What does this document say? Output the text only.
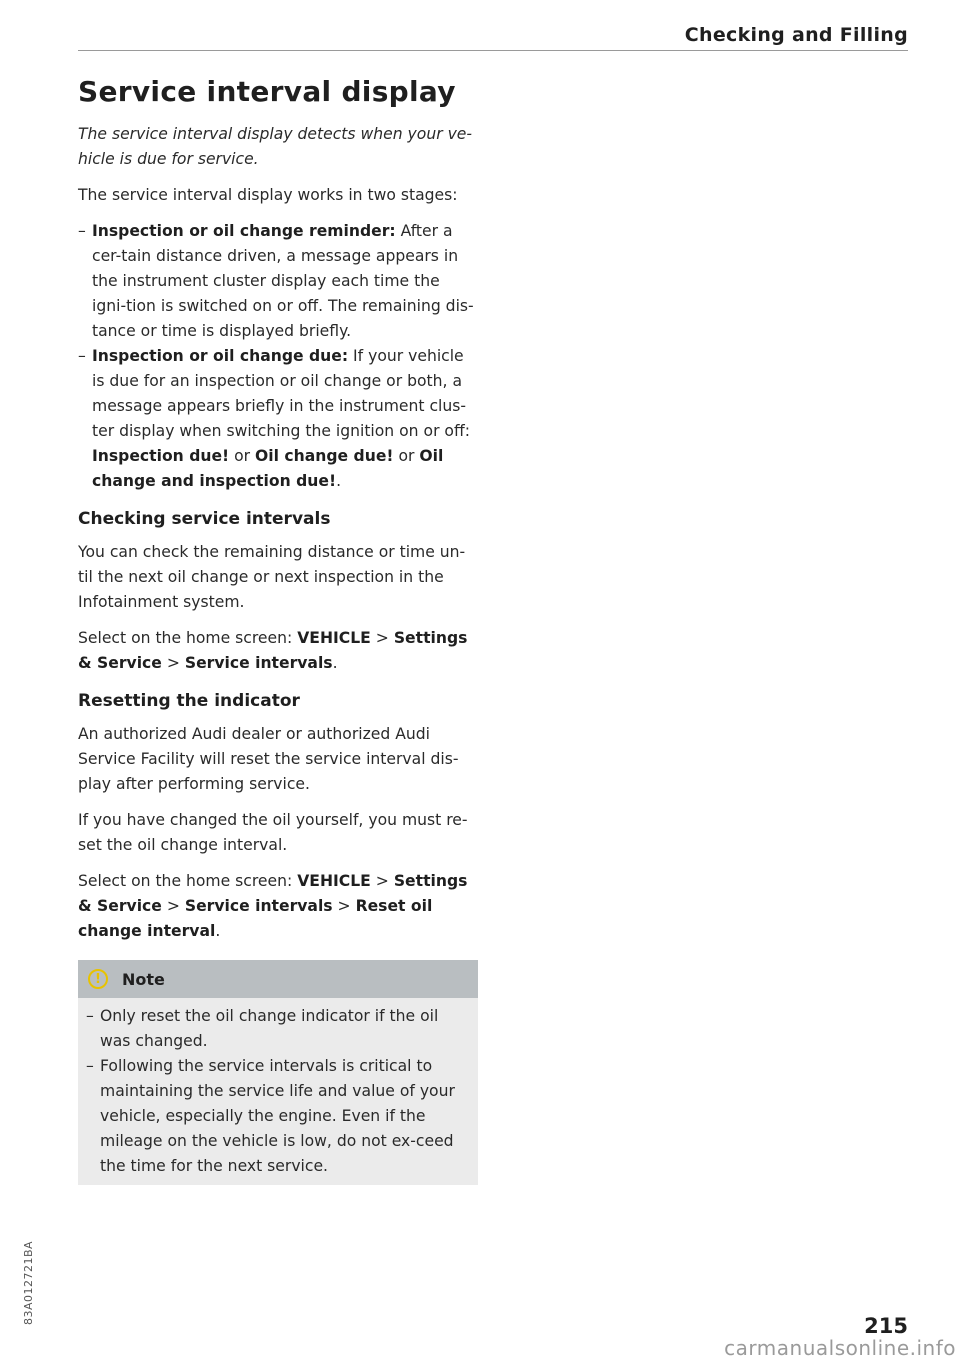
Checking and Filling
Service interval display

The service interval display detects when your ve-hicle is due for service.

The service interval display works in two stages:

– Inspection or oil change reminder: After a cer-tain distance driven, a message appears in the instrument cluster display each time the igni-tion is switched on or off. The remaining dis-tance or time is displayed briefly.
– Inspection or oil change due: If your vehicle is due for an inspection or oil change or both, a message appears briefly in the instrument clus-ter display when switching the ignition on or off: Inspection due! or Oil change due! or Oil change and inspection due!.
Checking service intervals

You can check the remaining distance or time un-til the next oil change or next inspection in the Infotainment system.

Select on the home screen: VEHICLE > Settings & Service > Service intervals.

Resetting the indicator

An authorized Audi dealer or authorized Audi Service Facility will reset the service interval dis-play after performing service.

If you have changed the oil yourself, you must re-set the oil change interval.

Select on the home screen: VEHICLE > Settings & Service > Service intervals > Reset oil change interval.

!	Note
– Only reset the oil change indicator if the oil was changed.
– Following the service intervals is critical to maintaining the service life and value of your vehicle, especially the engine. Even if the mileage on the vehicle is low, do not ex-ceed the time for the next service.
83A012721BA
215
carmanualsonline.info
